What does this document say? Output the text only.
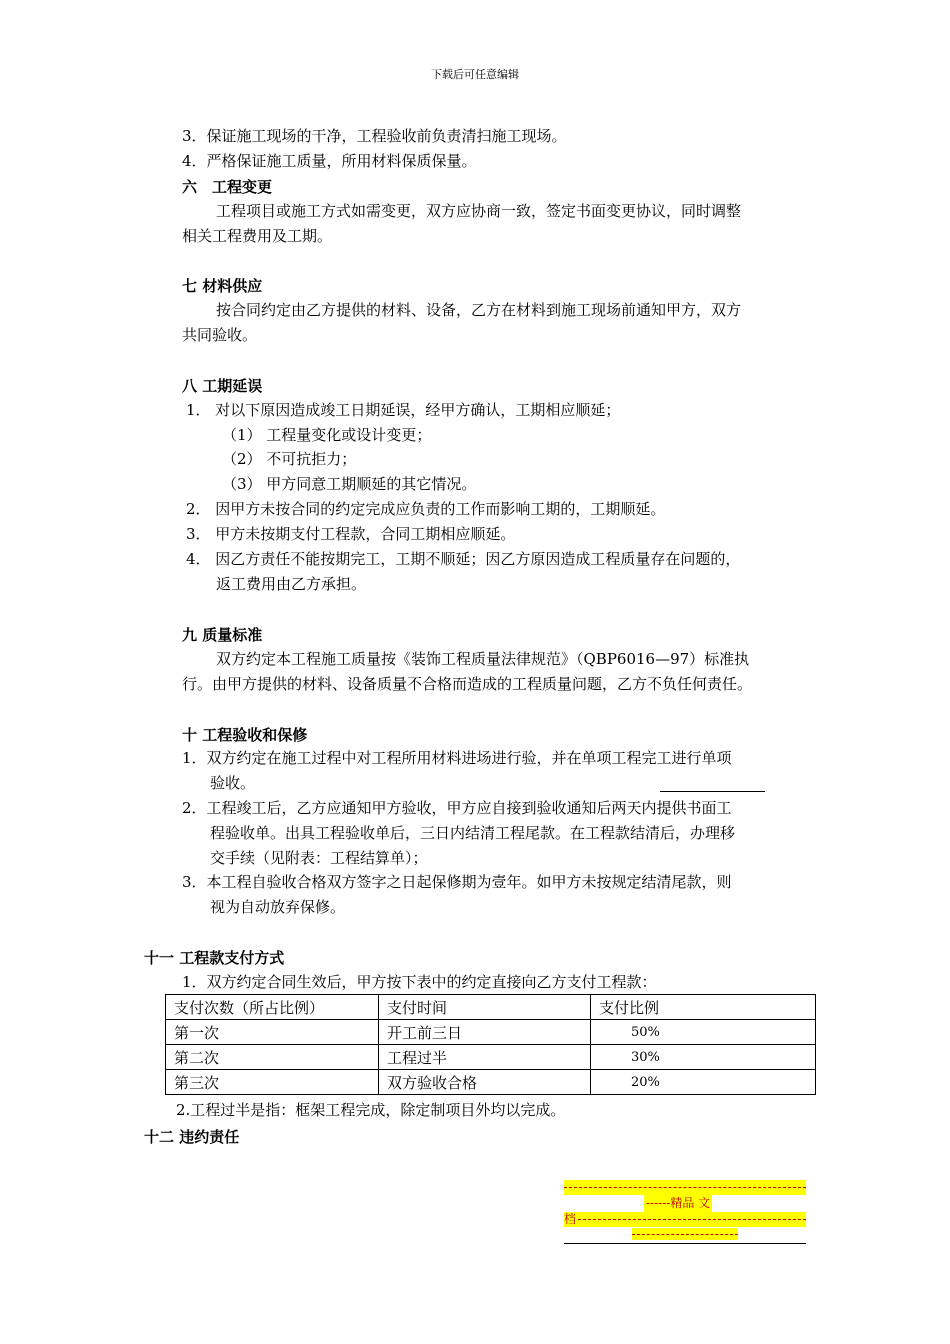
下载后可任意编辑
3．保证施工现场的干净，工程验收前负责清扫施工现场。
4．严格保证施工质量，所用材料保质保量。
六　工程变更
工程项目或施工方式如需变更，双方应协商一致，签定书面变更协议，同时调整
相关工程费用及工期。
七 材料供应
按合同约定由乙方提供的材料、设备，乙方在材料到施工现场前通知甲方，双方
共同验收。
八 工期延误
1． 对以下原因造成竣工日期延误，经甲方确认，工期相应顺延；
（1） 工程量变化或设计变更；
（2） 不可抗拒力；
（3） 甲方同意工期顺延的其它情况。
2． 因甲方未按合同的约定完成应负责的工作而影响工期的，工期顺延。
3． 甲方未按期支付工程款，合同工期相应顺延。
4． 因乙方责任不能按期完工，工期不顺延；因乙方原因造成工程质量存在问题的，
返工费用由乙方承担。
九 质量标准
双方约定本工程施工质量按《装饰工程质量法律规范》（QBP6016—97）标准执
行。由甲方提供的材料、设备质量不合格而造成的工程质量问题，乙方不负任何责任。
十 工程验收和保修
1．双方约定在施工过程中对工程所用材料进场进行验，并在单项工程完工进行单项
验收。
2．工程竣工后，乙方应通知甲方验收，甲方应自接到验收通知后两天内提供书面工
程验收单。出具工程验收单后，三日内结清工程尾款。在工程款结清后，办理移
交手续（见附表：工程结算单）；
3．本工程自验收合格双方签字之日起保修期为壹年。如甲方未按规定结清尾款，则
视为自动放弃保修。
十一 工程款支付方式
1．双方约定合同生效后，甲方按下表中的约定直接向乙方支付工程款：
支付次数（所占比例）	支付时间	支付比例
第一次	开工前三日	50%
第二次	工程过半	30%
第三次	双方验收合格	20%
2.工程过半是指：框架工程完成，除定制项目外均以完成。
十二 违约责任
------精品 文
档
